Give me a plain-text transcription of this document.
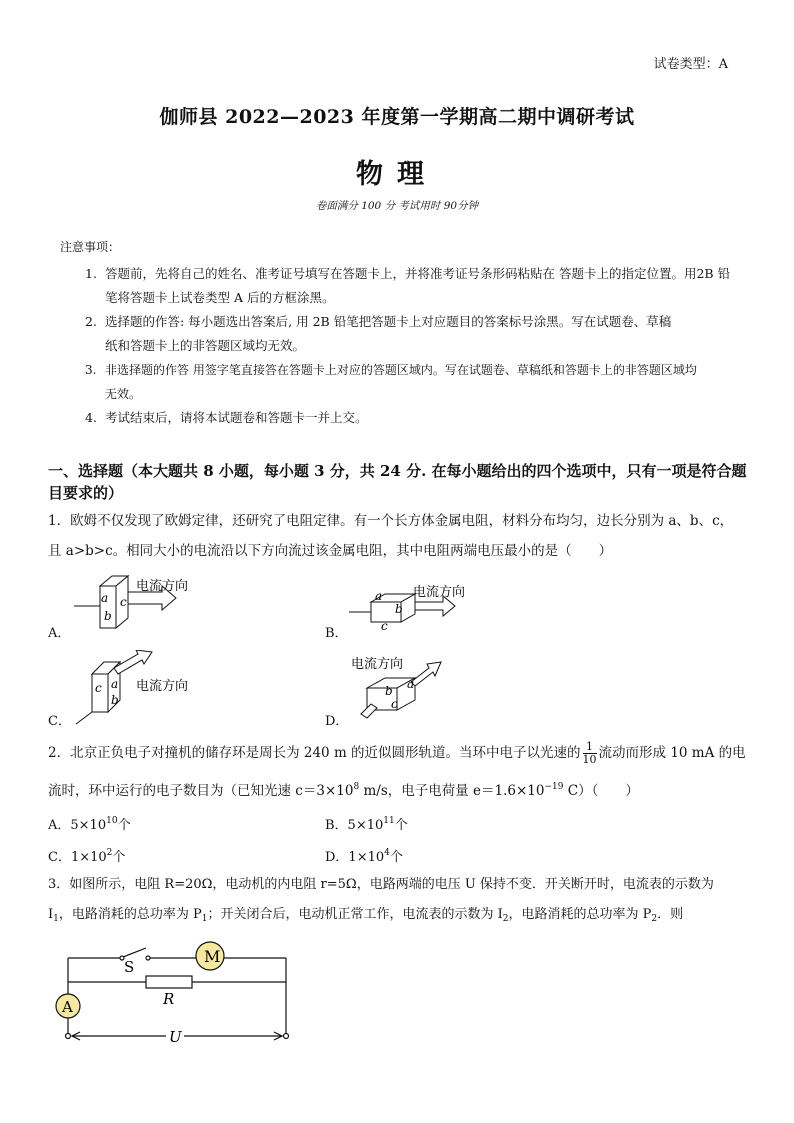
试卷类型：A
伽师县 2022—2023 年度第一学期高二期中调研考试
物理
卷面满分 100 分 考试用时 90分钟
注意事项：
1. 答题前，先将自己的姓名、准考证号填写在答题卡上，并将准考证号条形码粘贴在 答题卡上的指定位置。用2B 铅
笔将答题卡上试卷类型 A 后的方框涂黑。
2. 选择题的作答: 每小题选出答案后, 用 2B 铅笔把答题卡上对应题目的答案标号涂黑。写在试题卷、草稿
纸和答题卡上的非答题区域均无效。
3. 非选择题的作答 用签字笔直接答在答题卡上对应的答题区域内。写在试题卷、草稿纸和答题卡上的非答题区域均
无效。
4. 考试结束后，请将本试题卷和答题卡一并上交。
一、选择题（本大题共 8 小题，每小题 3 分，共 24 分. 在每小题给出的四个选项中，只有一项是符合题目要求的）
1．欧姆不仅发现了欧姆定律，还研究了电阻定律。有一个长方体金属电阻，材料分布均匀，边长分别为 a、b、c，
且 a>b>c。相同大小的电流沿以下方向流过该金属电阻，其中电阻两端电压最小的是（　　）
A．
a c
b
电流方向
B．
a
b
c
电流方向
C．
c a
b
电流方向
D．
电流方向
a
b
c
2．北京正负电子对撞机的储存环是周长为 240 m 的近似圆形轨道。当环中电子以光速的 $\frac{1}{10}$ 流动而形成 10 mA 的电
流时，环中运行的电子数目为（已知光速 $c=3\times 10^8$ m/s，电子电荷量 $e=1.6\times 10^{-19}$ C）（　　）
A．$5\times 10^{10}$个	B．$5\times 10^{11}$个
C．$1\times 10^2$个	D．$1\times 10^4$个
3．如图所示，电阻 R=20Ω，电动机的内电阻 r=5Ω，电路两端的电压 U 保持不变．开关断开时，电流表的示数为
$I_1$，电路消耗的总功率为 $P_1$；开关闭合后，电动机正常工作，电流表的示数为 $I_2$，电路消耗的总功率为 $P_2$．则
M
A
S
R
U
